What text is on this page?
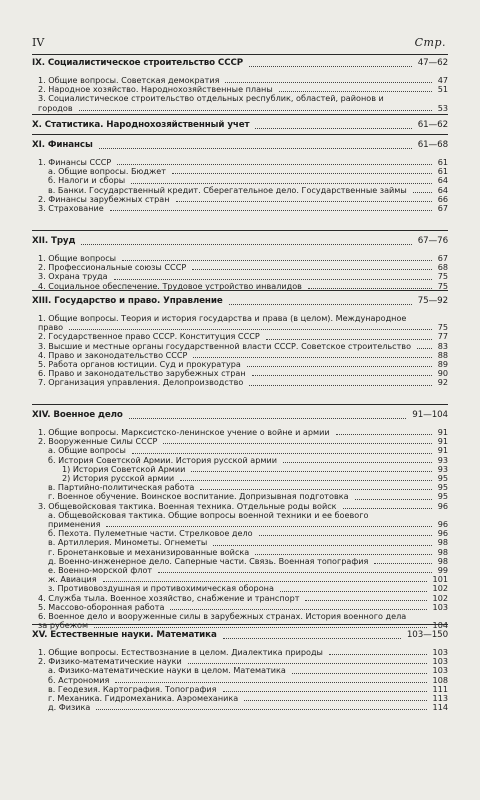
IV	Стр.
IX. Социалистическое строительство СССР	47—62
1. Общие вопросы. Советская демократия	47
2. Народное хозяйство. Народнохозяйственные планы	51
3. Социалистическое строительство отдельных республик, областей, районов и городов	53
X. Статистика. Народнохозяйственный учет	61—62
XI. Финансы	61—68
1. Финансы СССР	61
а. Общие вопросы. Бюджет	61
б. Налоги и сборы	64
в. Банки. Государственный кредит. Сберегательное дело. Государственные займы	64
2. Финансы зарубежных стран	66
3. Страхование	67
XII. Труд	67—76
1. Общие вопросы	67
2. Профессиональные союзы СССР	68
3. Охрана труда	75
4. Социальное обеспечение. Трудовое устройство инвалидов	75
XIII. Государство и право. Управление	75—92
1. Общие вопросы. Теория и история государства и права (в целом). Международное право	75
2. Государственное право СССР. Конституция СССР	77
3. Высшие и местные органы государственной власти СССР. Советское строительство	83
4. Право и законодательство СССР	88
5. Работа органов юстиции. Суд и прокуратура	89
6. Право и законодательство зарубежных стран	90
7. Организация управления. Делопроизводство	92
XIV. Военное дело	91—104
1. Общие вопросы. Марксистско-ленинское учение о войне и армии	91
2. Вооруженные Силы СССР	91
а. Общие вопросы	91
б. История Советской Армии. История русской армии	93
1) История Советской Армии	93
2) История русской армии	95
в. Партийно-политическая работа	95
г. Военное обучение. Воинское воспитание. Допризывная подготовка	95
3. Общевойсковая тактика. Военная техника. Отдельные роды войск	96
а. Общевойсковая тактика. Общие вопросы военной техники и ее боевого применения	96
б. Пехота. Пулеметные части. Стрелковое дело	96
в. Артиллерия. Минометы. Огнеметы	98
г. Бронетанковые и механизированные войска	98
д. Военно-инженерное дело. Саперные части. Связь. Военная топография	98
е. Военно-морской флот	99
ж. Авиация	101
з. Противовоздушная и противохимическая оборона	102
4. Служба тыла. Военное хозяйство, снабжение и транспорт	102
5. Массово-оборонная работа	103
6. Военное дело и вооруженные силы в зарубежных странах. История военного дела за рубежом	104
XV. Естественные науки. Математика	103—150
1. Общие вопросы. Естествознание в целом. Диалектика природы	103
2. Физико-математические науки	103
а. Физико-математические науки в целом. Математика	103
б. Астрономия	108
в. Геодезия. Картография. Топография	111
г. Механика. Гидромеханика. Аэромеханика	113
д. Физика	114
